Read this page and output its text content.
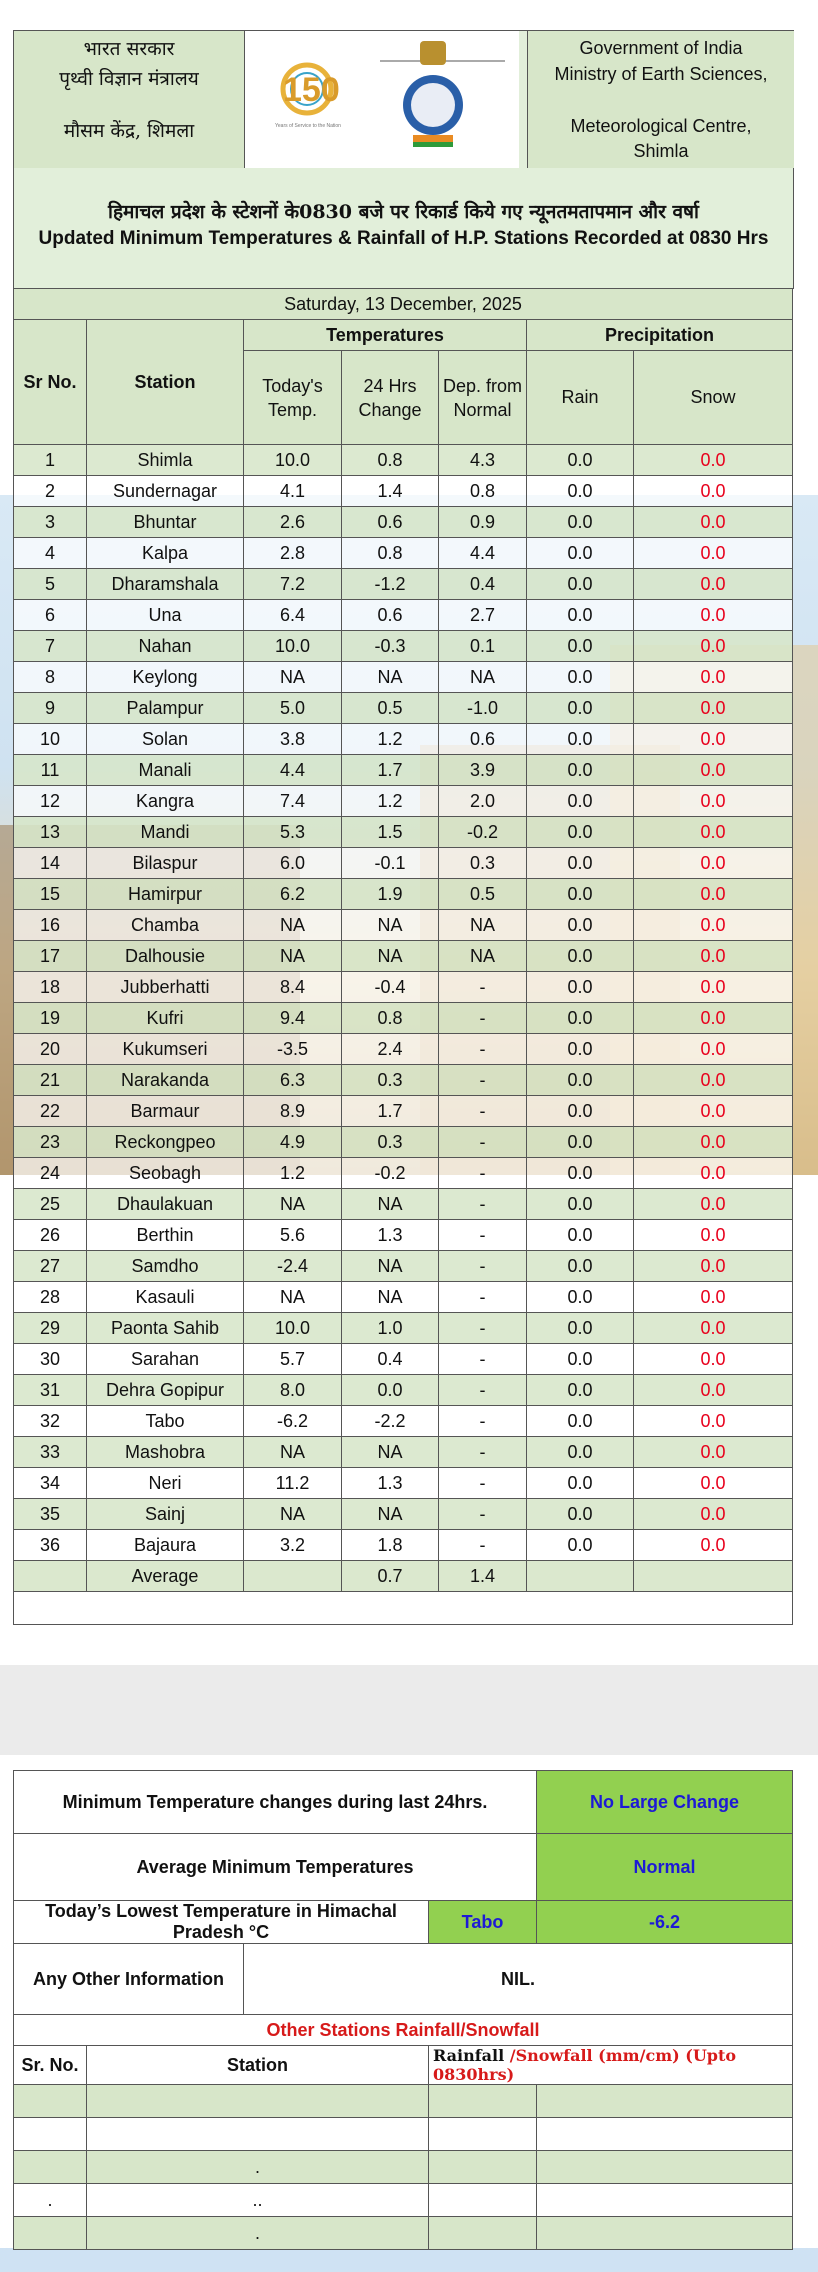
भारत सरकार
पृथ्वी विज्ञान मंत्रालय
मौसम केंद्र, शिमला
150
Years of Service to the Nation
Government of India
Ministry of Earth Sciences,
Meteorological Centre,
Shimla
हिमाचल प्रदेश के स्टेशनों के0830 बजे पर रिकार्ड किये गए न्यूनतमतापमान और वर्षा
Updated Minimum Temperatures & Rainfall of H.P. Stations Recorded at 0830 Hrs
Saturday, 13 December, 2025						
Sr No.	Station	Temperatures			Precipitation	
		Today's Temp.	24 Hrs Change	Dep. from Normal	Rain	Snow
1	Shimla	10.0	0.8	4.3	0.0	0.0
2	Sundernagar	4.1	1.4	0.8	0.0	0.0
3	Bhuntar	2.6	0.6	0.9	0.0	0.0
4	Kalpa	2.8	0.8	4.4	0.0	0.0
5	Dharamshala	7.2	-1.2	0.4	0.0	0.0
6	Una	6.4	0.6	2.7	0.0	0.0
7	Nahan	10.0	-0.3	0.1	0.0	0.0
8	Keylong	NA	NA	NA	0.0	0.0
9	Palampur	5.0	0.5	-1.0	0.0	0.0
10	Solan	3.8	1.2	0.6	0.0	0.0
11	Manali	4.4	1.7	3.9	0.0	0.0
12	Kangra	7.4	1.2	2.0	0.0	0.0
13	Mandi	5.3	1.5	-0.2	0.0	0.0
14	Bilaspur	6.0	-0.1	0.3	0.0	0.0
15	Hamirpur	6.2	1.9	0.5	0.0	0.0
16	Chamba	NA	NA	NA	0.0	0.0
17	Dalhousie	NA	NA	NA	0.0	0.0
18	Jubberhatti	8.4	-0.4	-	0.0	0.0
19	Kufri	9.4	0.8	-	0.0	0.0
20	Kukumseri	-3.5	2.4	-	0.0	0.0
21	Narakanda	6.3	0.3	-	0.0	0.0
22	Barmaur	8.9	1.7	-	0.0	0.0
23	Reckongpeo	4.9	0.3	-	0.0	0.0
24	Seobagh	1.2	-0.2	-	0.0	0.0
25	Dhaulakuan	NA	NA	-	0.0	0.0
26	Berthin	5.6	1.3	-	0.0	0.0
27	Samdho	-2.4	NA	-	0.0	0.0
28	Kasauli	NA	NA	-	0.0	0.0
29	Paonta Sahib	10.0	1.0	-	0.0	0.0
30	Sarahan	5.7	0.4	-	0.0	0.0
31	Dehra Gopipur	8.0	0.0	-	0.0	0.0
32	Tabo	-6.2	-2.2	-	0.0	0.0
33	Mashobra	NA	NA	-	0.0	0.0
34	Neri	11.2	1.3	-	0.0	0.0
35	Sainj	NA	NA	-	0.0	0.0
36	Bajaura	3.2	1.8	-	0.0	0.0
	Average		0.7	1.4		

Minimum Temperature changes during last 24hrs.				No Large Change
Average Minimum Temperatures				Normal
Today’s Lowest Temperature in Himachal Pradesh °C			Tabo	-6.2
Any Other Information		NIL.		
Other Stations Rainfall/Snowfall				
Sr. No.	Station		Rainfall /Snowfall (mm/cm) (Upto 0830hrs)	

	.			
.	..			
	.			
